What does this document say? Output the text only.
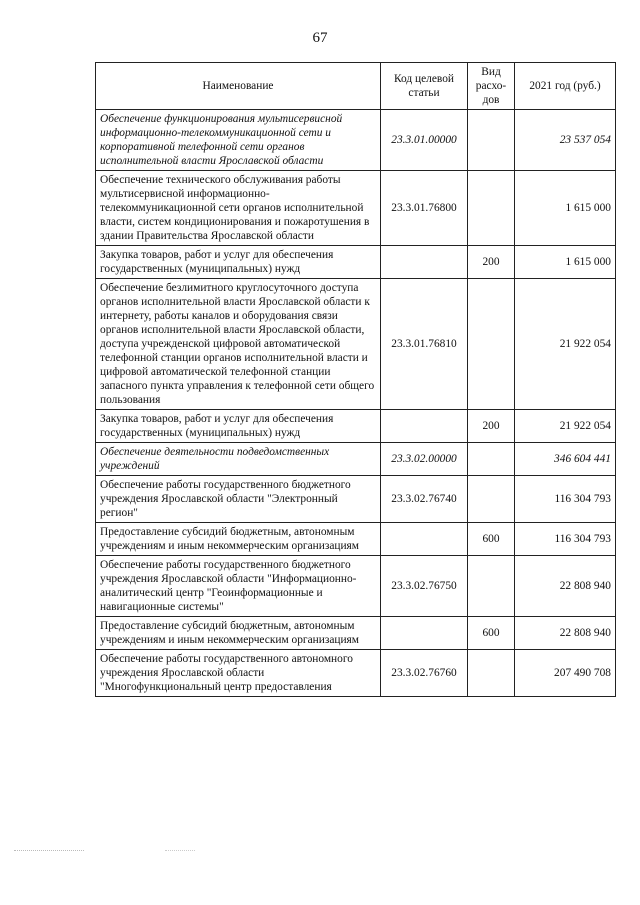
67
Наименование	Код целевой статьи	Вид расхо-дов	2021 год (руб.)
Обеспечение функционирования мультисервисной информационно-телекоммуникационной сети и корпоративной телефонной сети органов исполнительной власти Ярославской области	23.3.01.00000		23 537 054
Обеспечение технического обслуживания работы мультисервисной информационно-телекоммуникационной сети органов исполнительной власти, систем кондиционирования и пожаротушения в здании Правительства Ярославской области	23.3.01.76800		1 615 000
Закупка товаров, работ и услуг для обеспечения государственных (муниципальных) нужд		200	1 615 000
Обеспечение безлимитного круглосуточного доступа органов исполнительной власти Ярославской области к интернету, работы каналов и оборудования связи органов исполнительной власти Ярославской области, доступа учрежденской цифровой автоматической телефонной станции органов исполнительной власти и цифровой автоматической телефонной станции запасного пункта управления к телефонной сети общего пользования	23.3.01.76810		21 922 054
Закупка товаров, работ и услуг для обеспечения государственных (муниципальных) нужд		200	21 922 054
Обеспечение деятельности подведомственных учреждений	23.3.02.00000		346 604 441
Обеспечение работы государственного бюджетного учреждения Ярославской области "Электронный регион"	23.3.02.76740		116 304 793
Предоставление субсидий бюджетным, автономным учреждениям и иным некоммерческим организациям		600	116 304 793
Обеспечение работы государственного бюджетного учреждения Ярославской области "Информационно-аналитический центр "Геоинформационные и навигационные системы"	23.3.02.76750		22 808 940
Предоставление субсидий бюджетным, автономным учреждениям и иным некоммерческим организациям		600	22 808 940
Обеспечение работы государственного автономного учреждения Ярославской области "Многофункциональный центр предоставления	23.3.02.76760		207 490 708
